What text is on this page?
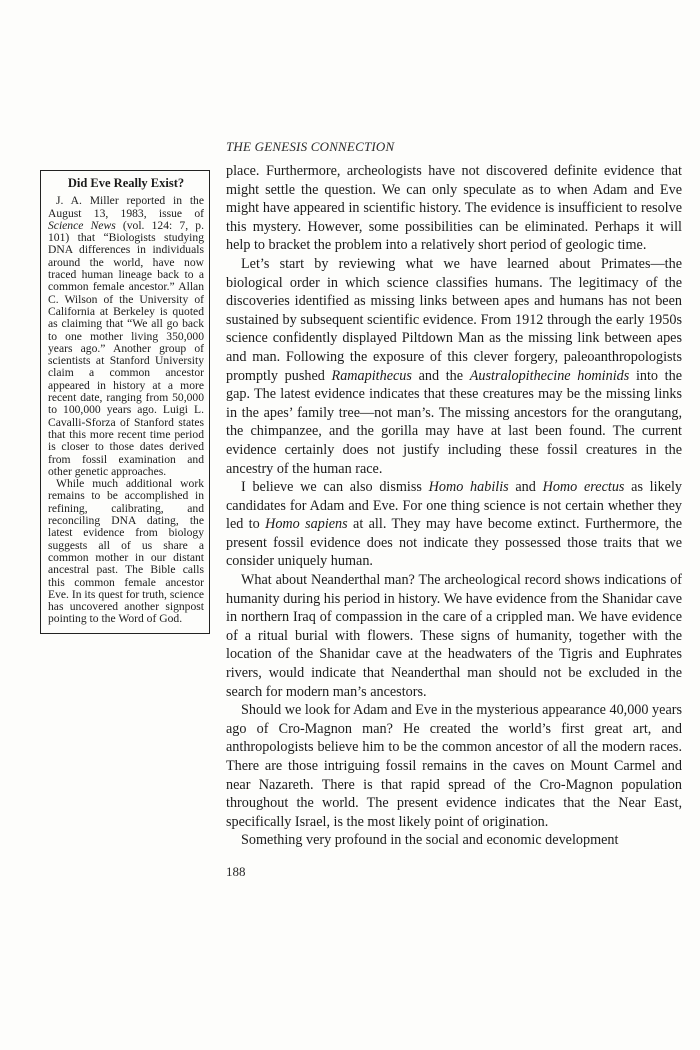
THE GENESIS CONNECTION
Did Eve Really Exist?

J. A. Miller reported in the August 13, 1983, issue of Science News (vol. 124: 7, p. 101) that “Biologists studying DNA differences in individuals around the world, have now traced human lineage back to a common female ancestor.” Allan C. Wilson of the University of California at Berkeley is quoted as claiming that “We all go back to one mother living 350,000 years ago.” Another group of scientists at Stanford University claim a common ancestor appeared in history at a more recent date, ranging from 50,000 to 100,000 years ago. Luigi L. Cavalli-Sforza of Stanford states that this more recent time period is closer to those dates derived from fossil examination and other genetic approaches.

While much additional work remains to be accomplished in refining, calibrating, and reconciling DNA dating, the latest evidence from biology suggests all of us share a common mother in our distant ancestral past. The Bible calls this common female ancestor Eve. In its quest for truth, science has uncovered another signpost pointing to the Word of God.

place. Furthermore, archeologists have not discovered definite evidence that might settle the question. We can only speculate as to when Adam and Eve might have appeared in scientific history. The evidence is insufficient to resolve this mystery. However, some possibilities can be eliminated. Perhaps it will help to bracket the problem into a relatively short period of geologic time.

Let’s start by reviewing what we have learned about Primates—the biological order in which science classifies humans. The legitimacy of the discoveries identified as missing links between apes and humans has not been sustained by subsequent scientific evidence. From 1912 through the early 1950s science confidently displayed Piltdown Man as the missing link between apes and man. Following the exposure of this clever forgery, paleoanthropologists promptly pushed Ramapithecus and the Australopithecine hominids into the gap. The latest evidence indicates that these creatures may be the missing links in the apes’ family tree—not man’s. The missing ancestors for the orangutang, the chimpanzee, and the gorilla may have at last been found. The current evidence certainly does not justify including these fossil creatures in the ancestry of the human race.

I believe we can also dismiss Homo habilis and Homo erectus as likely candidates for Adam and Eve. For one thing science is not certain whether they led to Homo sapiens at all. They may have become extinct. Furthermore, the present fossil evidence does not indicate they possessed those traits that we consider uniquely human.

What about Neanderthal man? The archeological record shows indications of humanity during his period in history. We have evidence from the Shanidar cave in northern Iraq of compassion in the care of a crippled man. We have evidence of a ritual burial with flowers. These signs of humanity, together with the location of the Shanidar cave at the headwaters of the Tigris and Euphrates rivers, would indicate that Neanderthal man should not be excluded in the search for modern man’s ancestors.

Should we look for Adam and Eve in the mysterious appearance 40,000 years ago of Cro-Magnon man? He created the world’s first great art, and anthropologists believe him to be the common ancestor of all the modern races. There are those intriguing fossil remains in the caves on Mount Carmel and near Nazareth. There is that rapid spread of the Cro-Magnon population throughout the world. The present evidence indicates that the Near East, specifically Israel, is the most likely point of origination.

Something very profound in the social and economic development

188
